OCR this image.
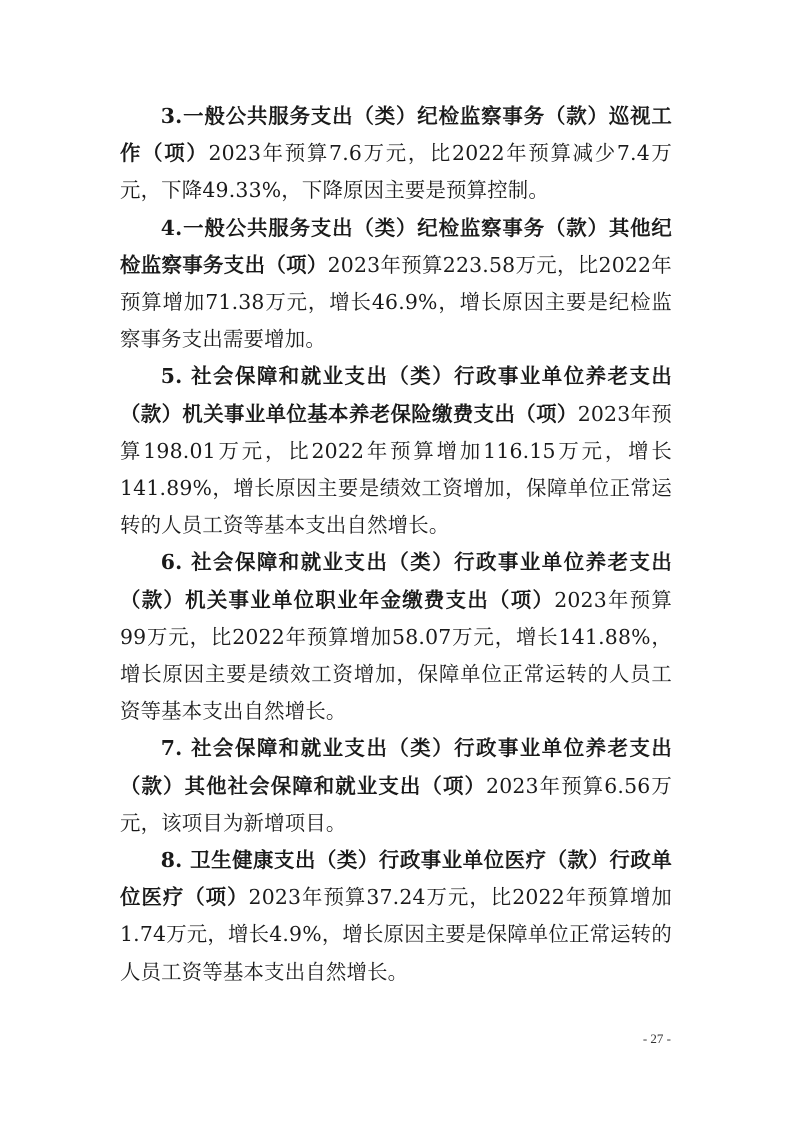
3.一般公共服务支出（类）纪检监察事务（款）巡视工作（项）2023年预算7.6万元，比2022年预算减少7.4万元，下降49.33%，下降原因主要是预算控制。

4.一般公共服务支出（类）纪检监察事务（款）其他纪检监察事务支出（项）2023年预算223.58万元，比2022年预算增加71.38万元，增长46.9%，增长原因主要是纪检监察事务支出需要增加。

5. 社会保障和就业支出（类）行政事业单位养老支出（款）机关事业单位基本养老保险缴费支出（项）2023年预算198.01万元，比2022年预算增加116.15万元，增长141.89%，增长原因主要是绩效工资增加，保障单位正常运转的人员工资等基本支出自然增长。

6. 社会保障和就业支出（类）行政事业单位养老支出（款）机关事业单位职业年金缴费支出（项）2023年预算99万元，比2022年预算增加58.07万元，增长141.88%，增长原因主要是绩效工资增加，保障单位正常运转的人员工资等基本支出自然增长。

7. 社会保障和就业支出（类）行政事业单位养老支出（款）其他社会保障和就业支出（项）2023年预算6.56万元，该项目为新增项目。

8. 卫生健康支出（类）行政事业单位医疗（款）行政单位医疗（项）2023年预算37.24万元，比2022年预算增加1.74万元，增长4.9%，增长原因主要是保障单位正常运转的人员工资等基本支出自然增长。

- 27 -
